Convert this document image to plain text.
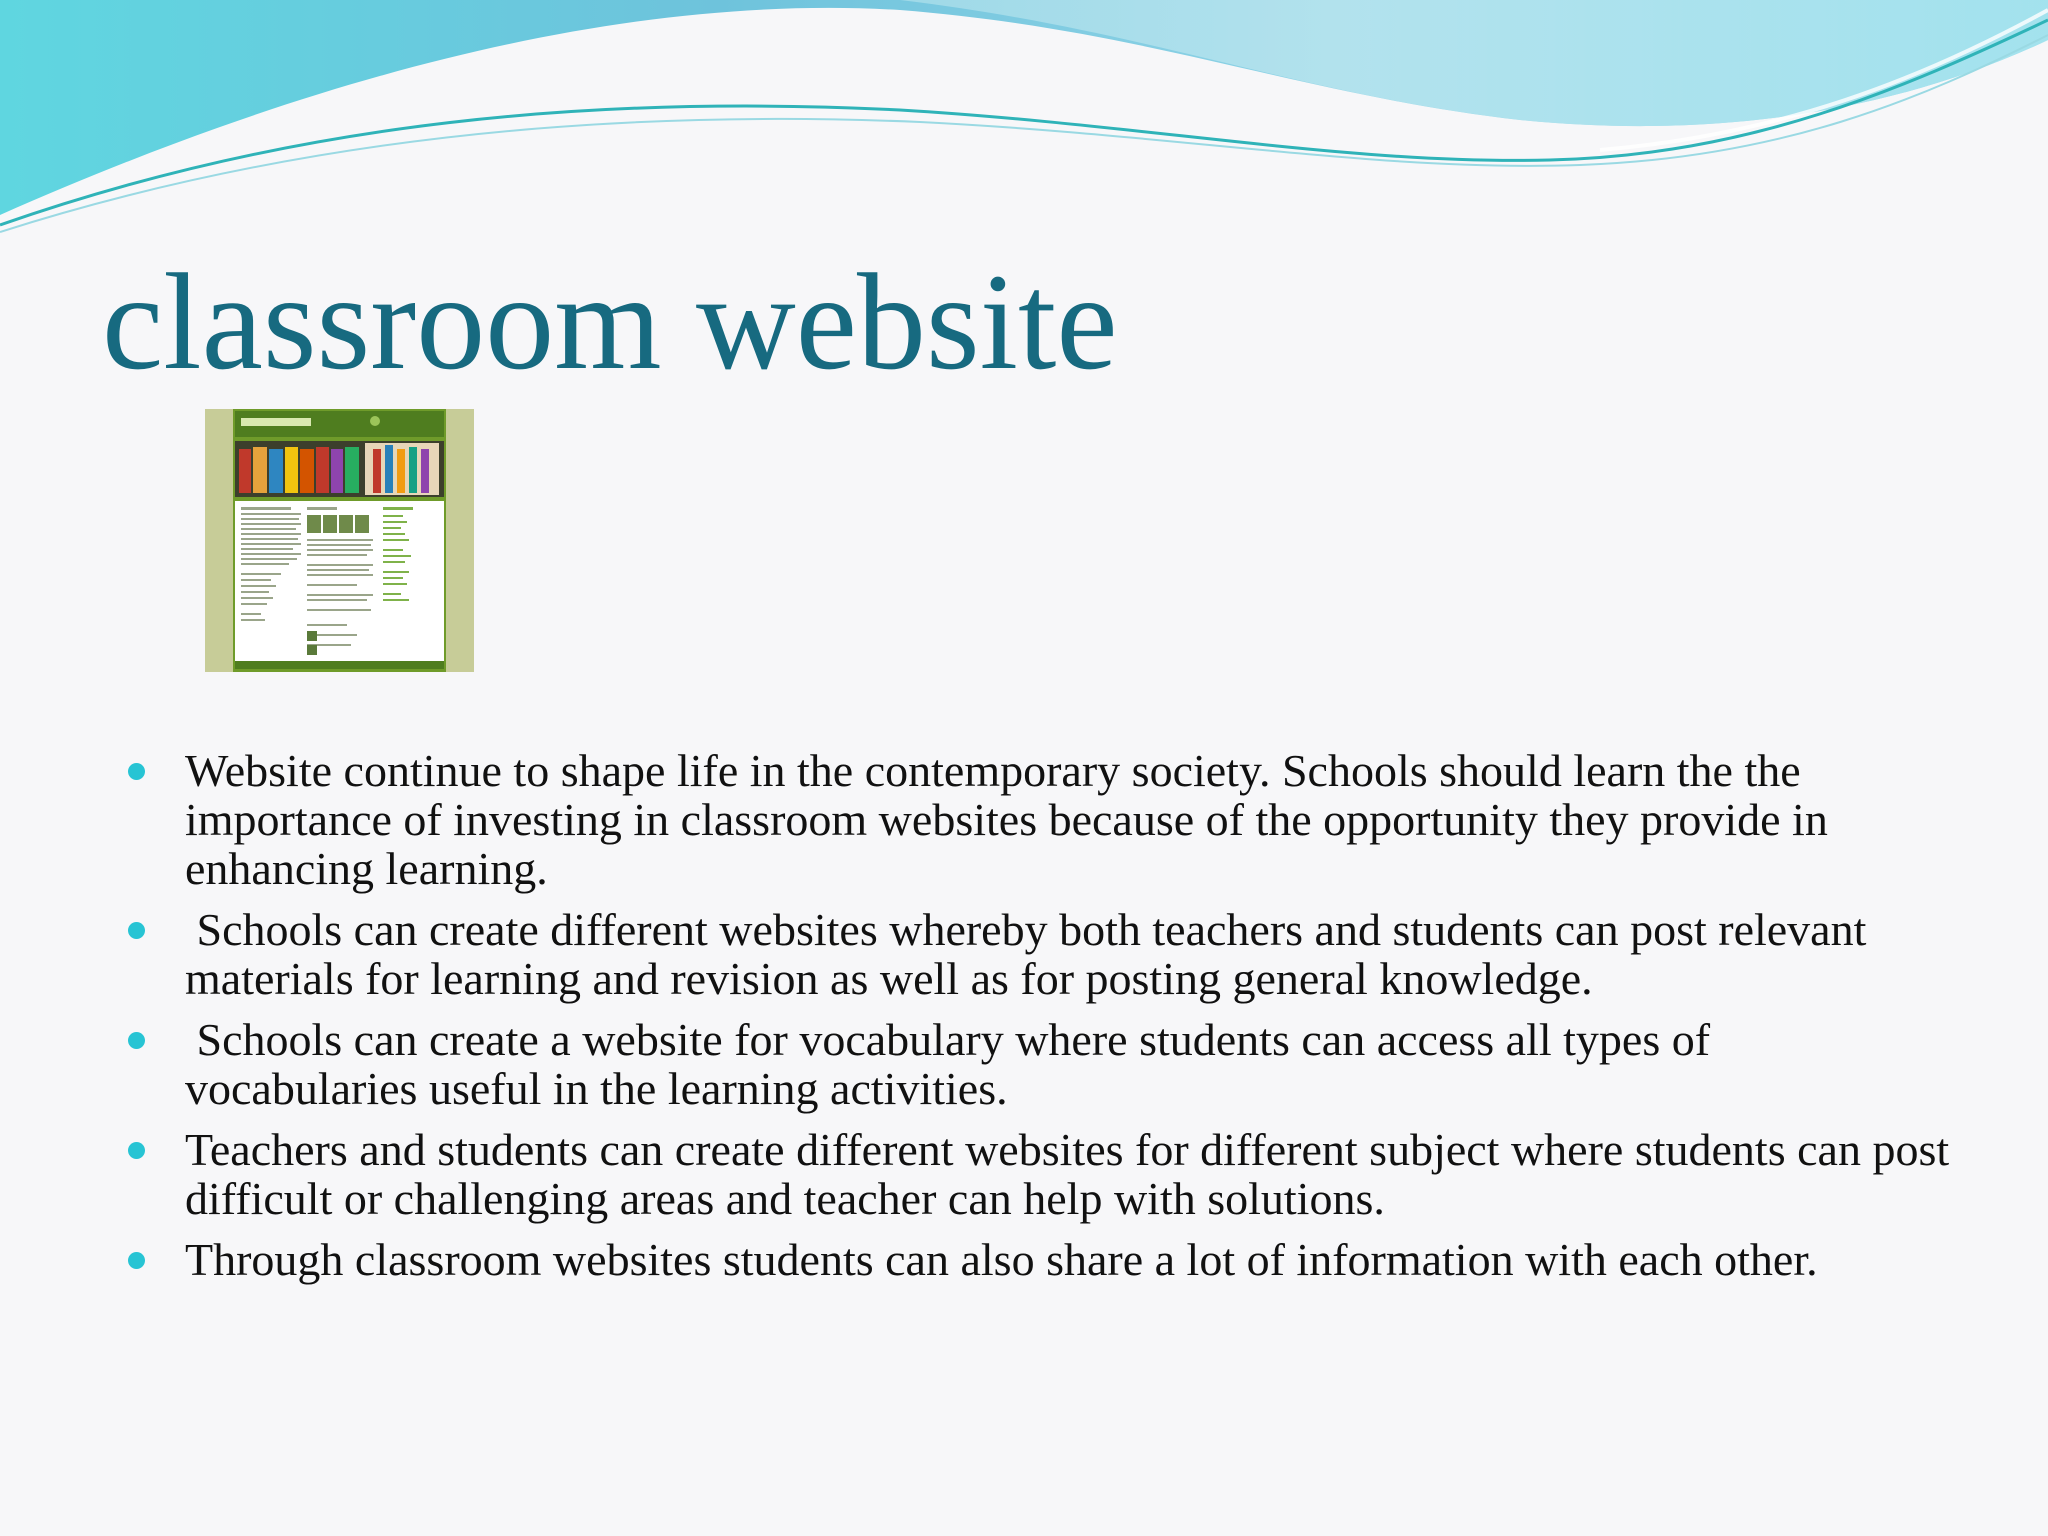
classroom website
Website continue to shape life in the contemporary society. Schools should learn the the importance of investing in classroom websites because of the opportunity they provide in enhancing learning.
Schools can create different websites whereby both teachers and students can post relevant materials for learning and revision as well as for posting general knowledge.
Schools can create a website for vocabulary where students can access all types of vocabularies useful in the learning activities.
Teachers and students can create different websites for different subject where students can post difficult or challenging areas and teacher can help with solutions.
Through classroom websites students can also share a lot of information with each other.
